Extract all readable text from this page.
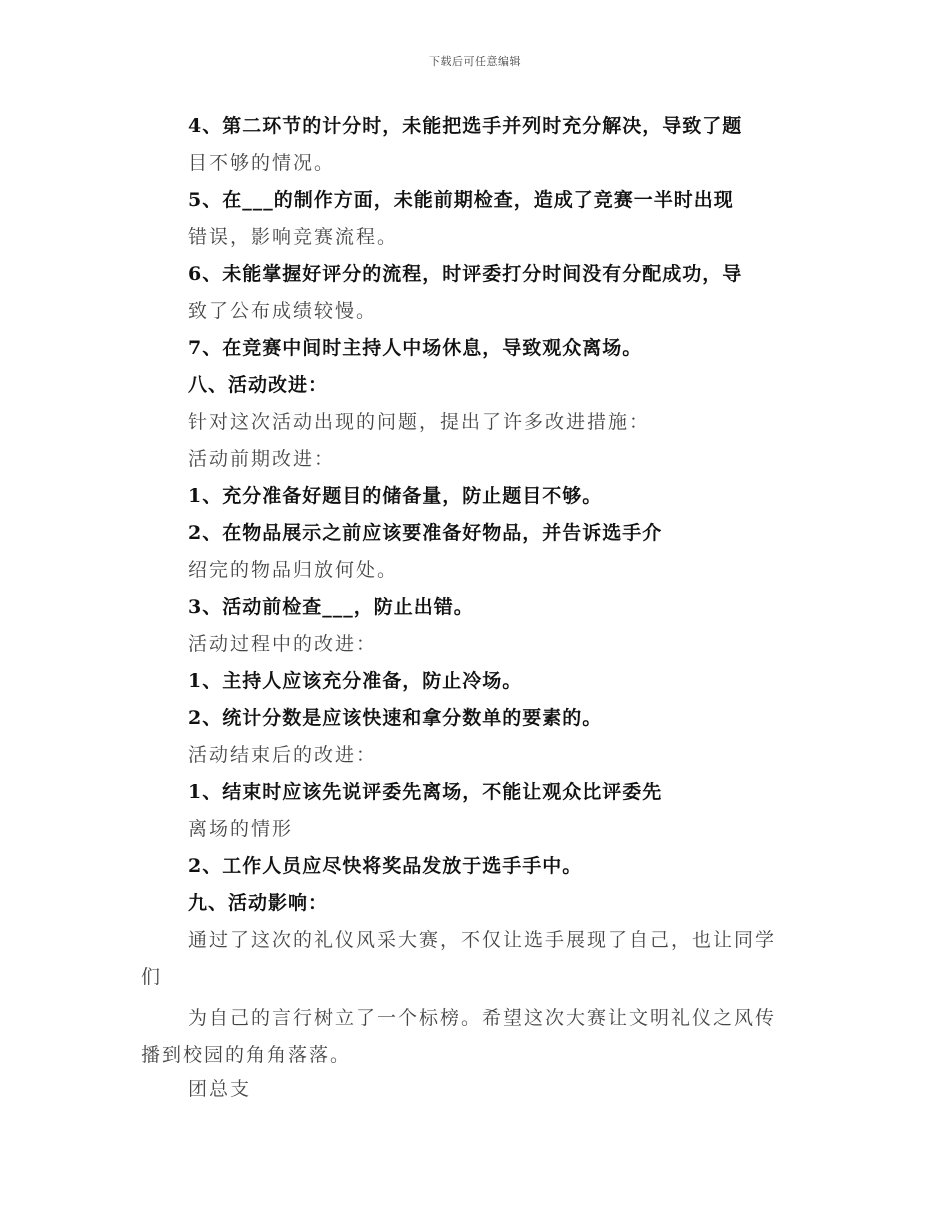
下载后可任意编辑
4、第二环节的计分时，未能把选手并列时充分解决，导致了题
目不够的情况。
5、在___的制作方面，未能前期检查，造成了竞赛一半时出现
错误，影响竞赛流程。
6、未能掌握好评分的流程，时评委打分时间没有分配成功，导
致了公布成绩较慢。
7、在竞赛中间时主持人中场休息，导致观众离场。
八、活动改进：
针对这次活动出现的问题，提出了许多改进措施：
活动前期改进：
1、充分准备好题目的储备量，防止题目不够。
2、在物品展示之前应该要准备好物品，并告诉选手介
绍完的物品归放何处。
3、活动前检查___，防止出错。
活动过程中的改进：
1、主持人应该充分准备，防止冷场。
2、统计分数是应该快速和拿分数单的要素的。
活动结束后的改进：
1、结束时应该先说评委先离场，不能让观众比评委先
离场的情形
2、工作人员应尽快将奖品发放于选手手中。
九、活动影响：
通过了这次的礼仪风采大赛，不仅让选手展现了自己，也让同学
们
为自己的言行树立了一个标榜。希望这次大赛让文明礼仪之风传
播到校园的角角落落。
团总支
